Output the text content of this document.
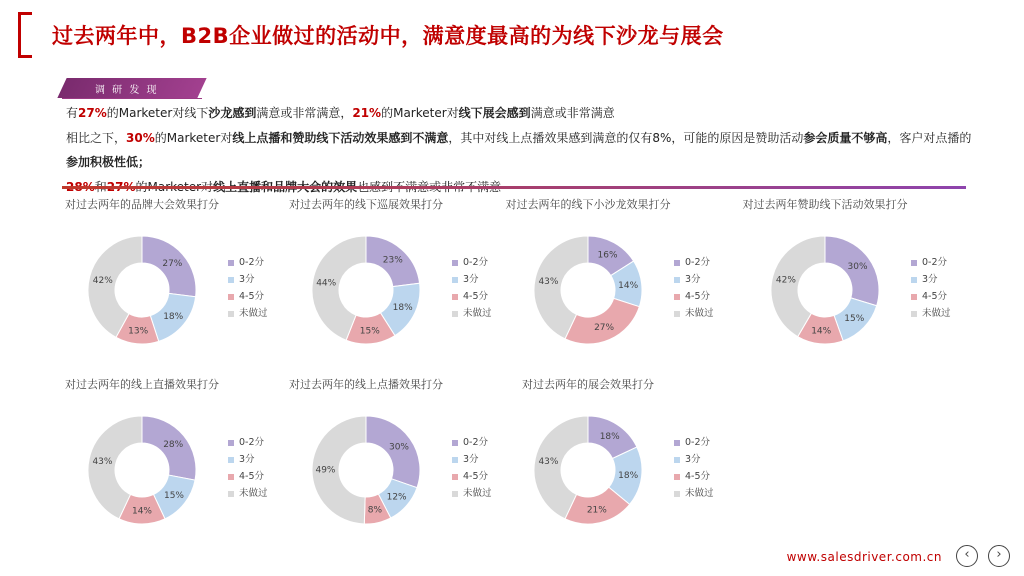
过去两年中，B2B企业做过的活动中，满意度最高的为线下沙龙与展会
调 研 发 现

有27%的Marketer对线下沙龙感到满意或非常满意，21%的Marketer对线下展会感到满意或非常满意

相比之下，30%的Marketer对线上点播和赞助线下活动效果感到不满意，其中对线上点播效果感到满意的仅有8%，可能的原因是赞助活动参会质量不够高，客户对点播的参加积极性低；

对过去两年的品牌大会效果打分
27%
18%
13%
42%
0-2分
3分
4-5分
未做过
对过去两年的线下巡展效果打分
23%
18%
15%
44%
0-2分
3分
4-5分
未做过
对过去两年的线下小沙龙效果打分
16%
14%
27%
43%
0-2分
3分
4-5分
未做过
对过去两年赞助线下活动效果打分
30%
15%
14%
42%
0-2分
3分
4-5分
未做过
对过去两年的线上直播效果打分
28%
15%
14%
43%
0-2分
3分
4-5分
未做过
对过去两年的线上点播效果打分
30%
12%
8%
49%
0-2分
3分
4-5分
未做过
对过去两年的展会效果打分
18%
18%
21%
43%
0-2分
3分
4-5分
未做过
www.salesdriver.com.cn	‹	›
